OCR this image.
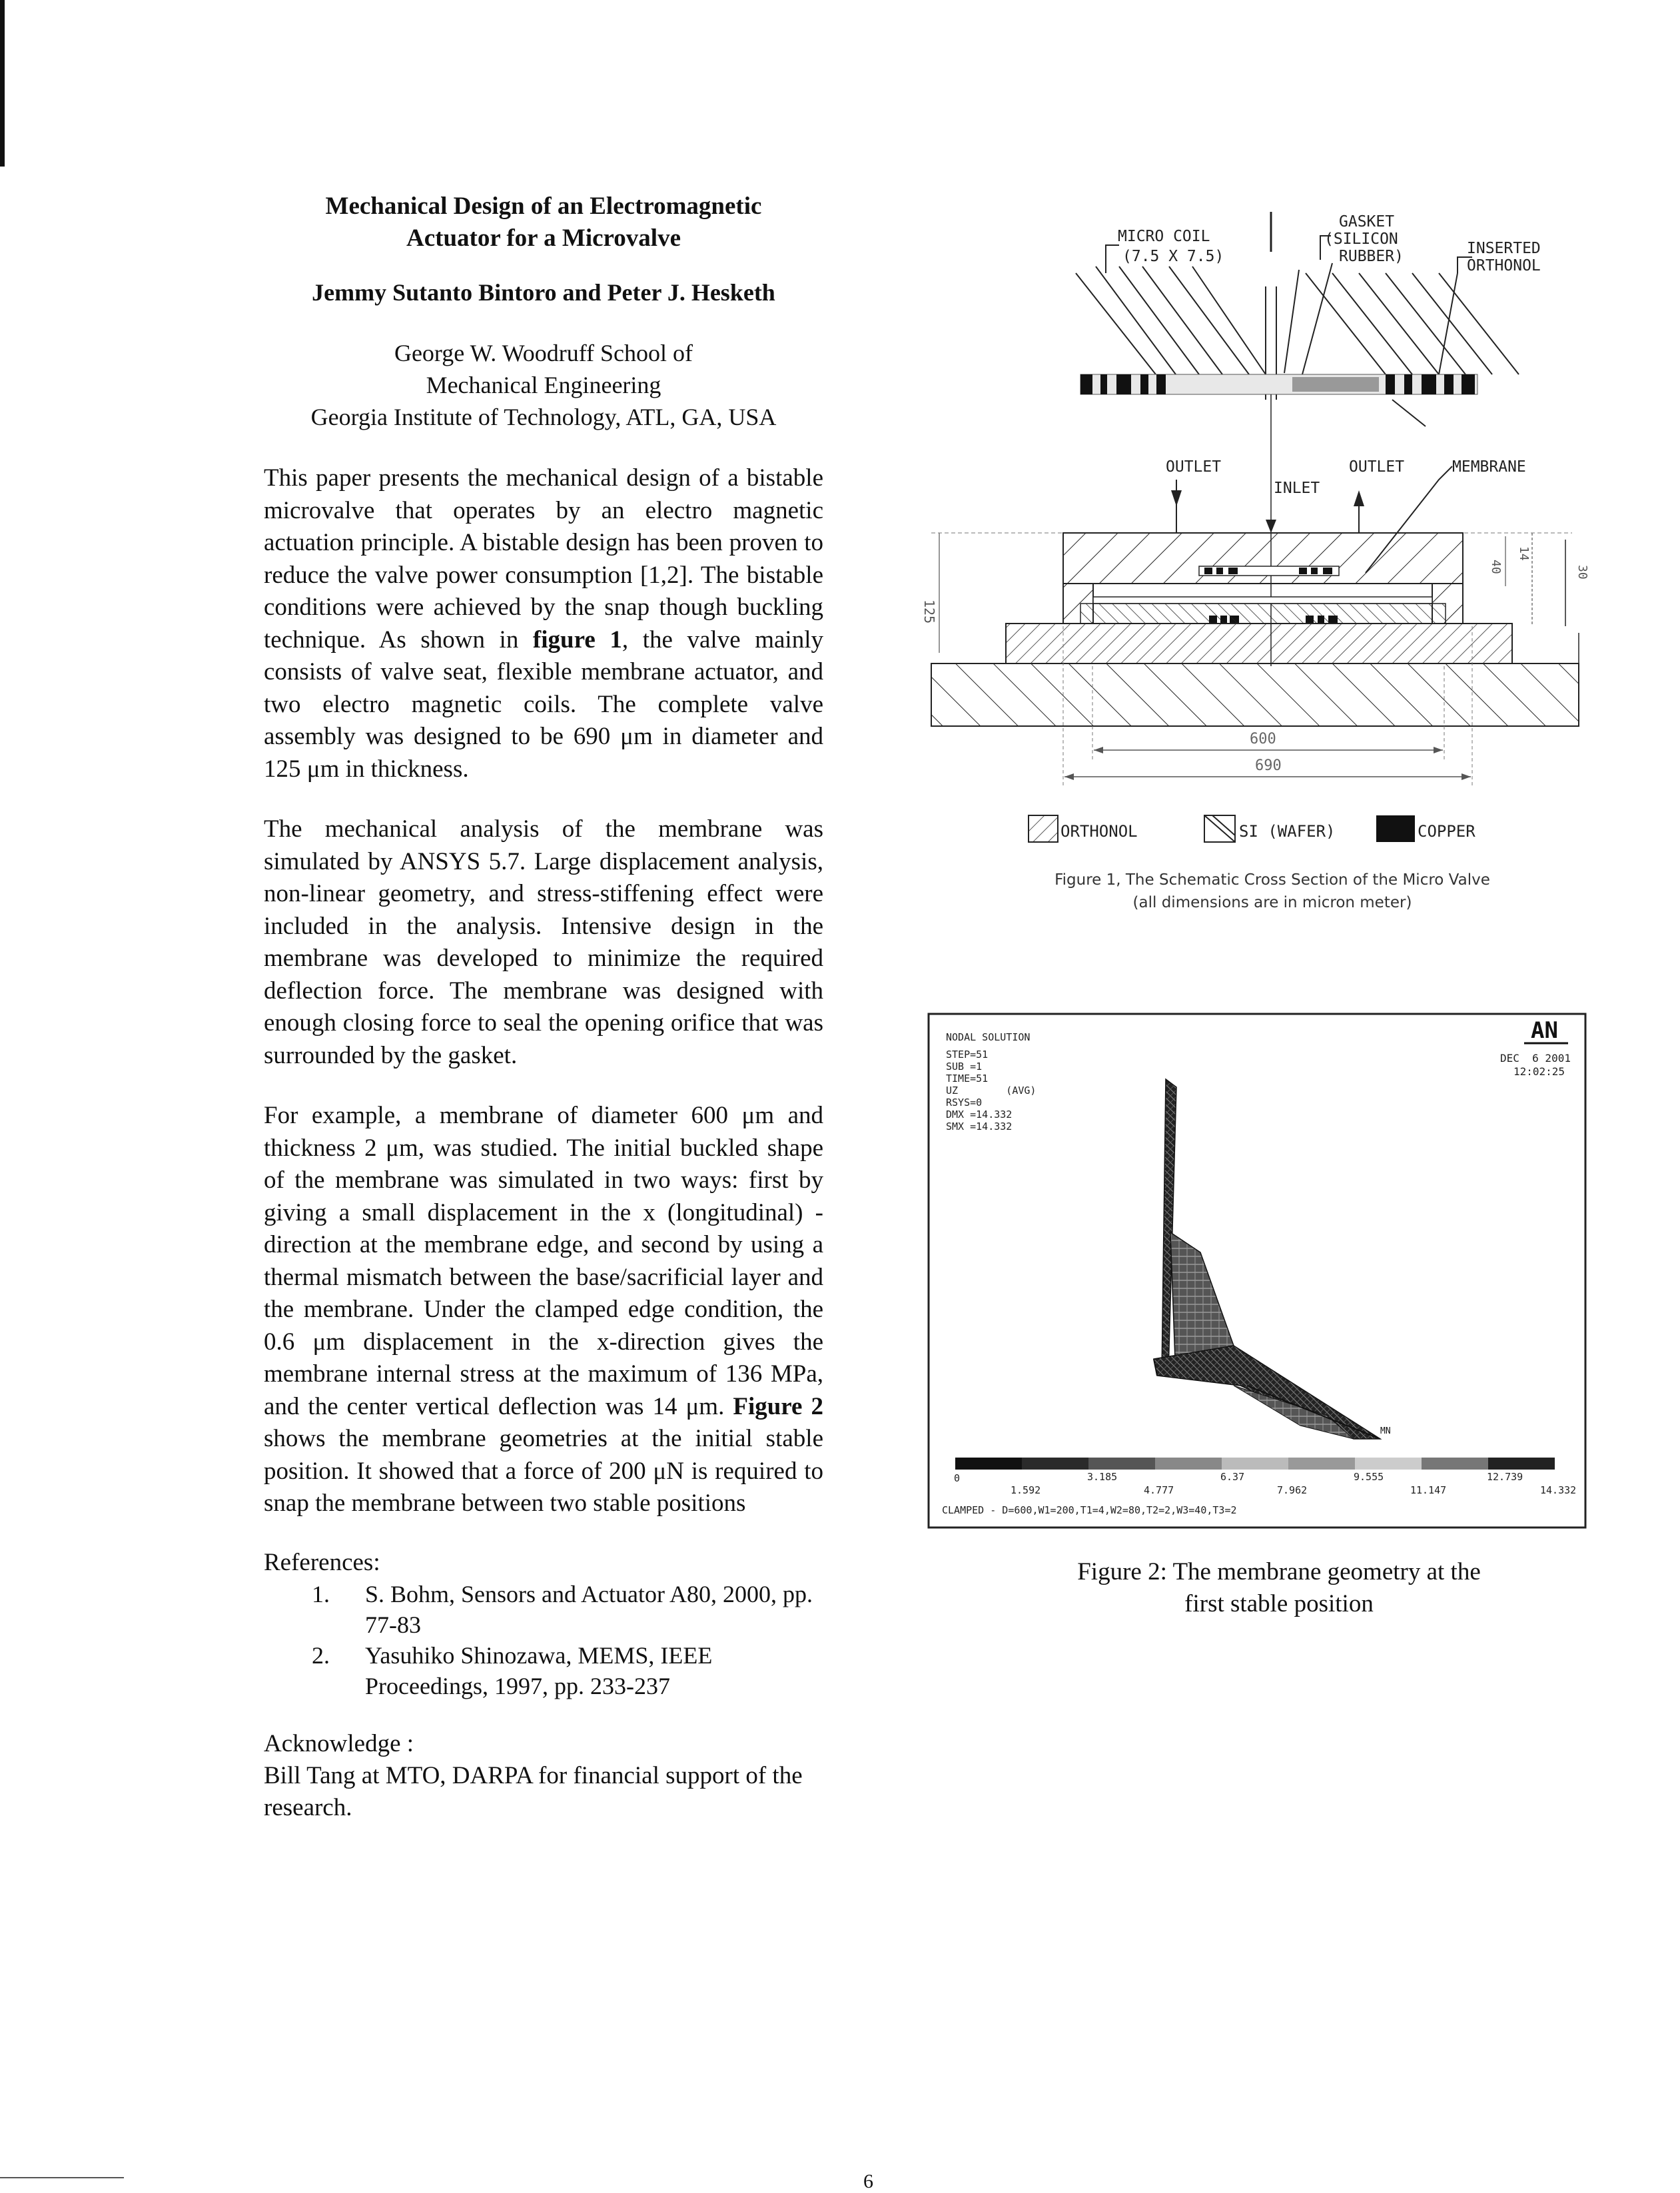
Mechanical Design of an Electromagnetic
Actuator for a Microvalve
Jemmy Sutanto Bintoro and Peter J. Hesketh
George W. Woodruff School of
Mechanical Engineering
Georgia Institute of Technology, ATL, GA, USA
This paper presents the mechanical design of a bistable microvalve that operates by an electro magnetic actuation principle. A bistable design has been proven to reduce the valve power consumption [1,2]. The bistable conditions were achieved by the snap though buckling technique. As shown in figure 1, the valve mainly consists of valve seat, flexible membrane actuator, and two electro magnetic coils. The complete valve assembly was designed to be 690 μm in diameter and 125 μm in thickness.
The mechanical analysis of the membrane was simulated by ANSYS 5.7. Large displacement analysis, non-linear geometry, and stress-stiffening effect were included in the analysis. Intensive design in the membrane was developed to minimize the required deflection force. The membrane was designed with enough closing force to seal the opening orifice that was surrounded by the gasket.
For example, a membrane of diameter 600 μm and thickness 2 μm, was studied. The initial buckled shape of the membrane was simulated in two ways: first by giving a small displacement in the x (longitudinal) - direction at the membrane edge, and second by using a thermal mismatch between the base/sacrificial layer and the membrane. Under the clamped edge condition, the 0.6 μm displacement in the x-direction gives the membrane internal stress at the maximum of 136 MPa, and the center vertical deflection was 14 μm. Figure 2 shows the membrane geometries at the initial stable position. It showed that a force of 200 μN is required to snap the membrane between two stable positions
References:
1. S. Bohm, Sensors and Actuator A80, 2000, pp. 77-83
2. Yasuhiko Shinozawa, MEMS, IEEE Proceedings, 1997, pp. 233-237
Acknowledge :
Bill Tang at MTO, DARPA for financial support of the research.
MICRO COIL
(7.5 X 7.5)
GASKET
(SILICON
RUBBER)	INSERTED
ORTHONOL
OUTLET	OUTLET
INLET
MEMBRANE
125
40
14
30
600
690
ORTHONOL	SI (WAFER)	COPPER
Figure 1, The Schematic Cross Section of the Micro Valve
(all dimensions are in micron meter)
NODAL SOLUTION
STEP=51
SUB =1
TIME=51
UZ        (AVG)
RSYS=0
DMX =14.332
SMX =14.332
AN
DEC  6 2001
12:02:25
MN
0	3.185	6.37	9.555	12.739
1.592	4.777	7.962	11.147	14.332
CLAMPED - D=600,W1=200,T1=4,W2=80,T2=2,W3=40,T3=2
Figure 2: The membrane geometry at the
first stable position
6
